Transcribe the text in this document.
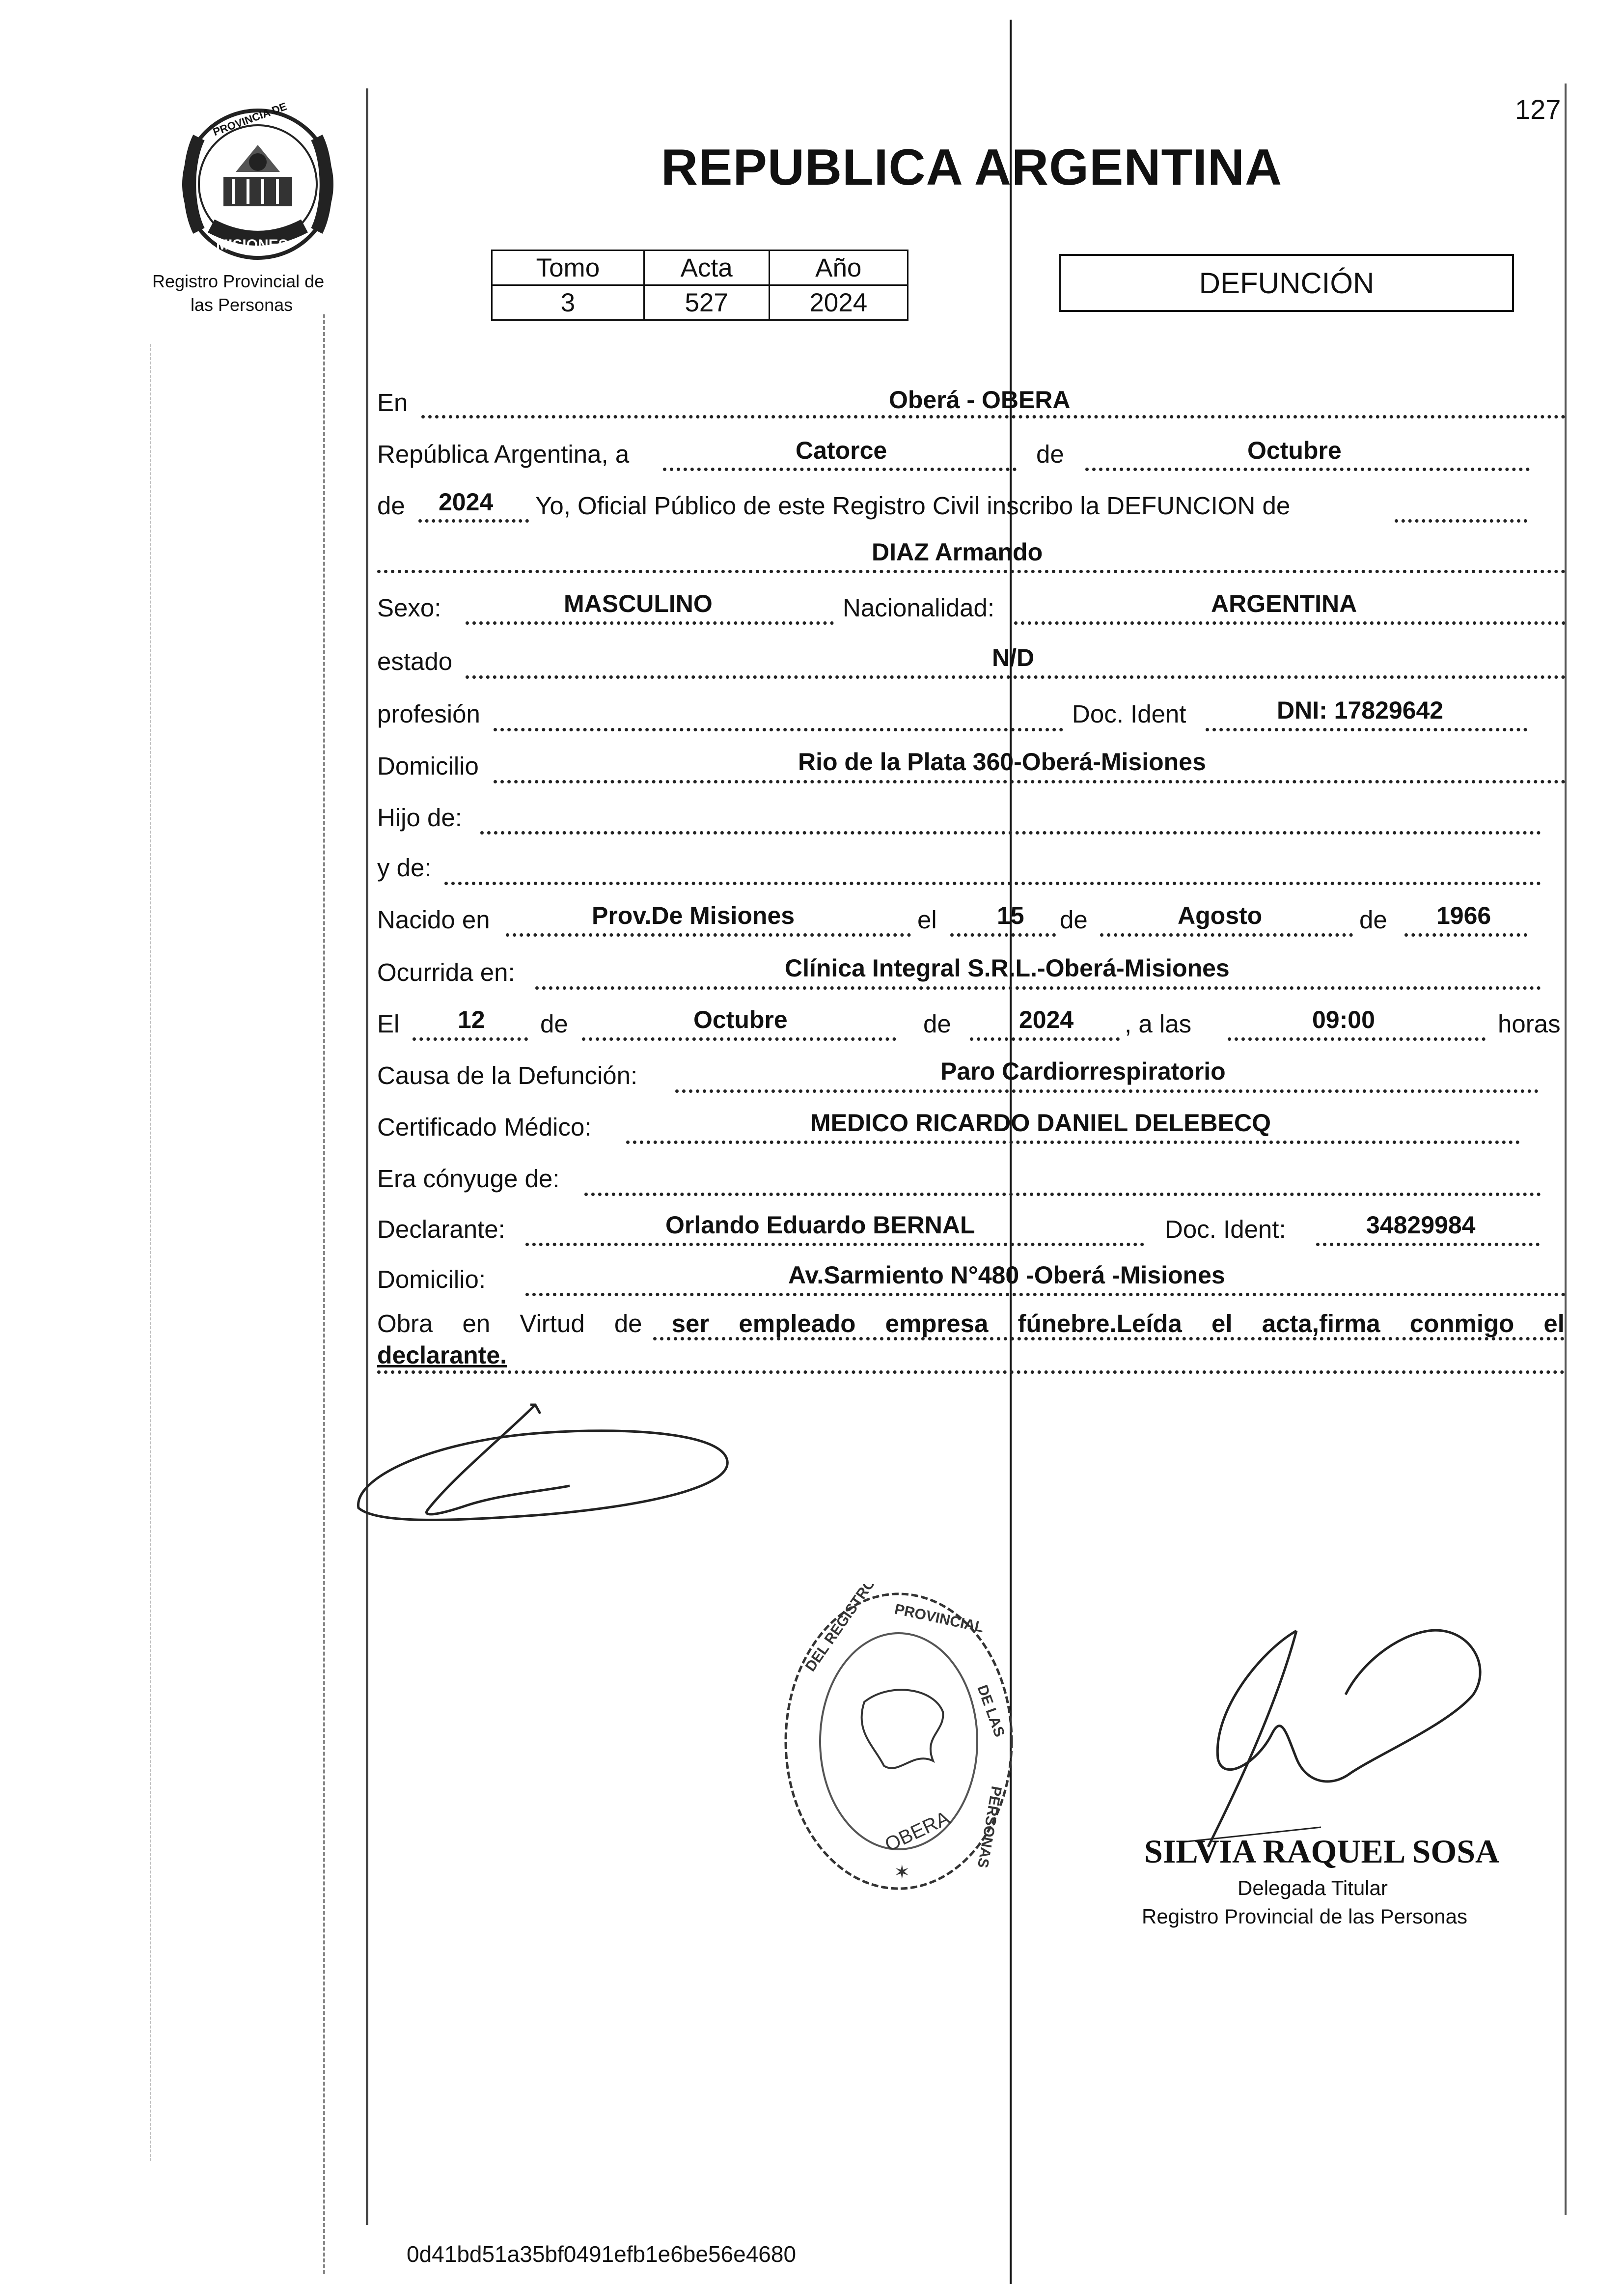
127
PROVINCIA DE
MISIONES
Registro Provincial de
las Personas
REPUBLICA ARGENTINA
Tomo	Acta	Año
3	527	2024
DEFUNCIÓN
En	Oberá - OBERA
República Argentina, a	Catorce	de	Octubre
de 2024 Yo, Oficial Público de este Registro Civil inscribo la DEFUNCION de
DIAZ Armando
Sexo:	MASCULINO	Nacionalidad:	ARGENTINA
estado	N/D
profesión	Doc. Ident	DNI: 17829642
Domicilio	Rio de la Plata 360-Oberá-Misiones
Hijo de:
y de:
Nacido en	Prov.De Misiones	el 15 de	Agosto	de 1966
Ocurrida en:	Clínica Integral S.R.L.-Oberá-Misiones
El 12 de	Octubre	de	2024 , a las	09:00	horas
Causa de la Defunción:	Paro Cardiorrespiratorio
Certificado Médico:	MEDICO RICARDO DANIEL DELEBECQ
Era cónyuge de:
Declarante:	Orlando Eduardo BERNAL	Doc. Ident:	34829984
Domicilio:	Av.Sarmiento N°480 -Oberá -Misiones
Obra en Virtud de ser empleado empresa fúnebre.Leída el acta,firma conmigo el
declarante.
OBERA
✶
DEL REGISTRO PROVINCIAL
DE LAS
PERSONAS	SILVIA RAQUEL SOSA
Delegada Titular
Registro Provincial de las Personas
0d41bd51a35bf0491efb1e6be56e4680
